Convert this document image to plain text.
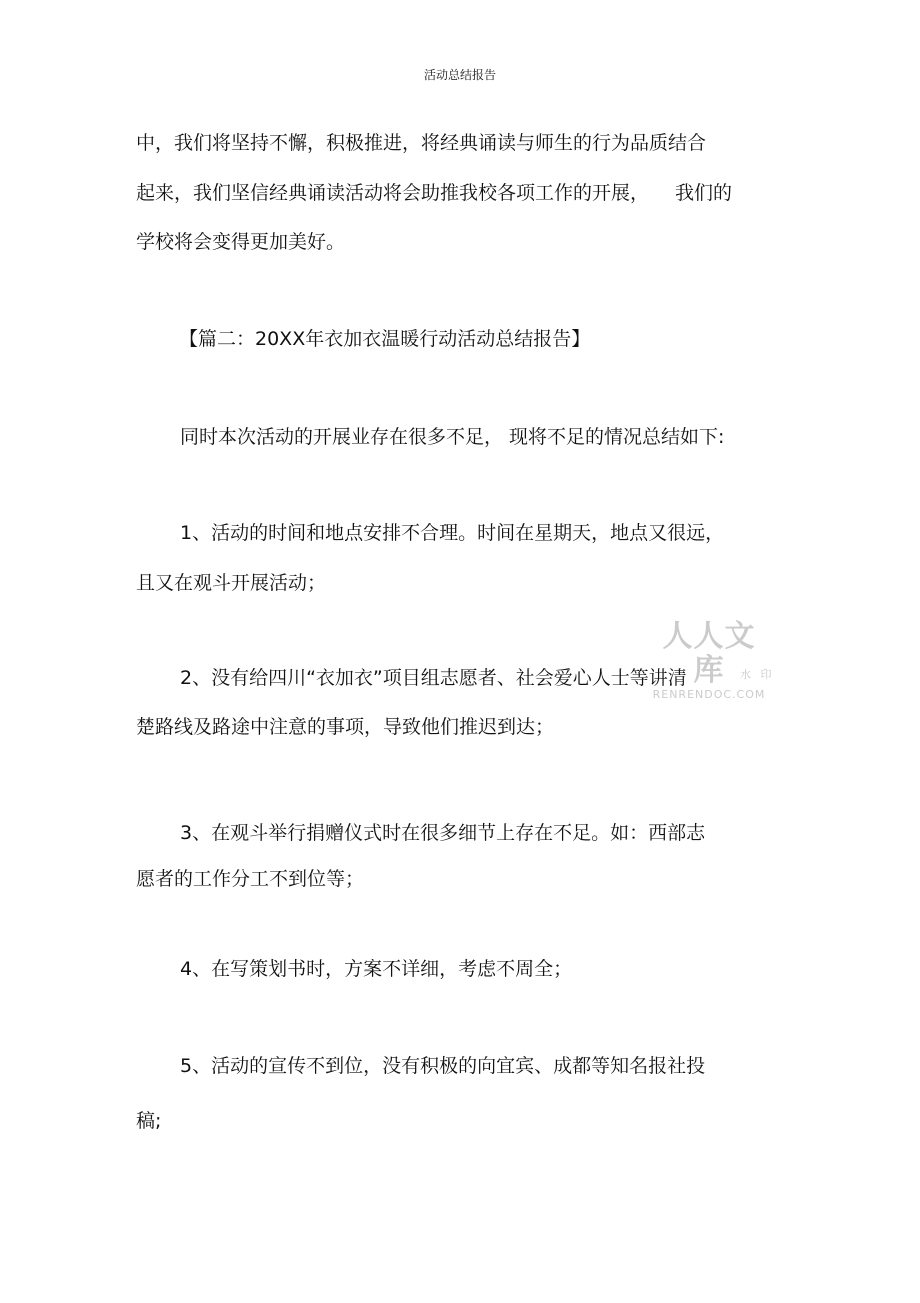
活动总结报告
中，我们将坚持不懈，积极推进，将经典诵读与师生的行为品质结合
起来，我们坚信经典诵读活动将会助推我校各项工作的开展， 我们的
学校将会变得更加美好。
【篇二：20XX年衣加衣温暖行动活动总结报告】
同时本次活动的开展业存在很多不足， 现将不足的情况总结如下:
1、活动的时间和地点安排不合理。时间在星期天，地点又很远，
且又在观斗开展活动；
2、没有给四川“衣加衣”项目组志愿者、社会爱心人士等讲清
楚路线及路途中注意的事项，导致他们推迟到达；
3、在观斗举行捐赠仪式时在很多细节上存在不足。如：西部志
愿者的工作分工不到位等；
4、在写策划书时，方案不详细，考虑不周全；
5、活动的宣传不到位，没有积极的向宜宾、成都等知名报社投
稿;
人人文库
RENRENDOC.COM
水 印
